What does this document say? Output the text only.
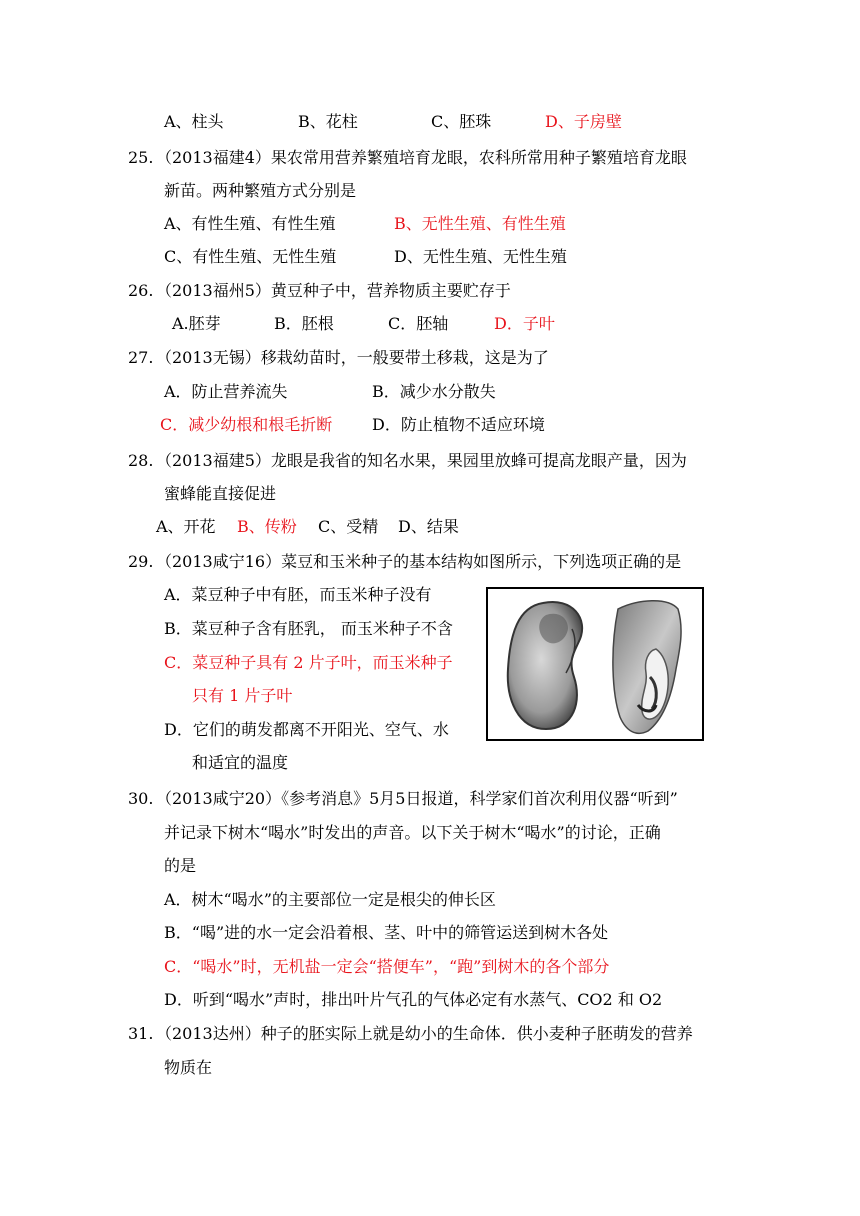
A、柱头	B、花柱	C、胚珠	D、子房壁
25. （2013福建4）果农常用营养繁殖培育龙眼，农科所常用种子繁殖培育龙眼
新苗。两种繁殖方式分别是
A、有性生殖、有性生殖	B、无性生殖、有性生殖
C、有性生殖、无性生殖	D、无性生殖、无性生殖
26. （2013福州5）黄豆种子中，营养物质主要贮存于
A.胚芽	B．胚根	C．胚轴	D．子叶
27. （2013无锡）移栽幼苗时，一般要带土移栽，这是为了
A．防止营养流失	B．减少水分散失
C．减少幼根和根毛折断 D．防止植物不适应环境
28. （2013福建5）龙眼是我省的知名水果，果园里放蜂可提高龙眼产量，因为
蜜蜂能直接促进
A、开花 B、传粉 C、受精 D、结果
29. （2013咸宁16）菜豆和玉米种子的基本结构如图所示，下列选项正确的是
A．菜豆种子中有胚，而玉米种子没有
B．菜豆种子含有胚乳， 而玉米种子不含
C．菜豆种子具有 2 片子叶，而玉米种子
只有 1 片子叶
D．它们的萌发都离不开阳光、空气、水
和适宜的温度
30. （2013咸宁20）《参考消息》5月5日报道，科学家们首次利用仪器“听到”
并记录下树木“喝水”时发出的声音。以下关于树木“喝水”的讨论，正确
的是
A．树木“喝水”的主要部位一定是根尖的伸长区
B．“喝”进的水一定会沿着根、茎、叶中的筛管运送到树木各处
C．“喝水”时，无机盐一定会“搭便车”，“跑”到树木的各个部分
D．听到“喝水”声时，排出叶片气孔的气体必定有水蒸气、CO2 和 O2
31. （2013达州）种子的胚实际上就是幼小的生命体．供小麦种子胚萌发的营养
物质在
